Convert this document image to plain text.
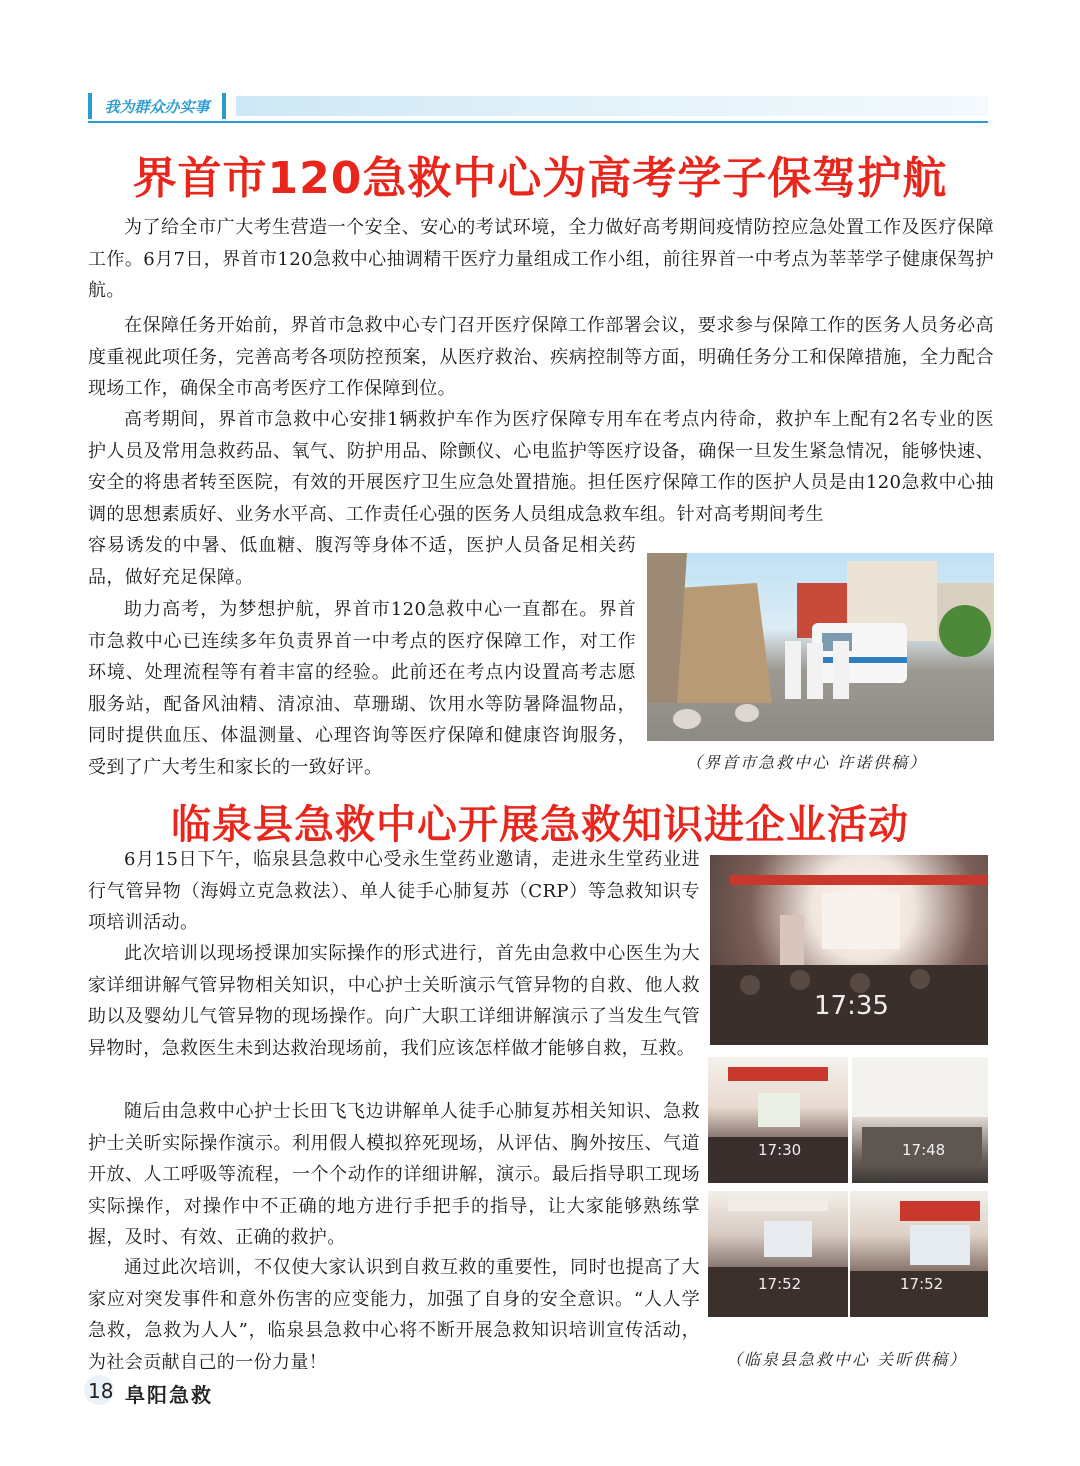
我为群众办实事
界首市120急救中心为高考学子保驾护航

为了给全市广大考生营造一个安全、安心的考试环境，全力做好高考期间疫情防控应急处置工作及医疗保障工作。6月7日，界首市120急救中心抽调精干医疗力量组成工作小组，前往界首一中考点为莘莘学子健康保驾护航。

在保障任务开始前，界首市急救中心专门召开医疗保障工作部署会议，要求参与保障工作的医务人员务必高度重视此项任务，完善高考各项防控预案，从医疗救治、疾病控制等方面，明确任务分工和保障措施，全力配合现场工作，确保全市高考医疗工作保障到位。

高考期间，界首市急救中心安排1辆救护车作为医疗保障专用车在考点内待命，救护车上配有2名专业的医护人员及常用急救药品、氧气、防护用品、除颤仪、心电监护等医疗设备，确保一旦发生紧急情况，能够快速、安全的将患者转至医院，有效的开展医疗卫生应急处置措施。担任医疗保障工作的医护人员是由120急救中心抽调的思想素质好、业务水平高、工作责任心强的医务人员组成急救车组。针对高考期间考生

容易诱发的中暑、低血糖、腹泻等身体不适，医护人员备足相关药品，做好充足保障。

助力高考，为梦想护航，界首市120急救中心一直都在。界首市急救中心已连续多年负责界首一中考点的医疗保障工作，对工作环境、处理流程等有着丰富的经验。此前还在考点内设置高考志愿服务站，配备风油精、清凉油、草珊瑚、饮用水等防暑降温物品，同时提供血压、体温测量、心理咨询等医疗保障和健康咨询服务，受到了广大考生和家长的一致好评。	（界首市急救中心 许诺供稿）
临泉县急救中心开展急救知识进企业活动

6月15日下午，临泉县急救中心受永生堂药业邀请，走进永生堂药业进行气管异物（海姆立克急救法）、单人徒手心肺复苏（CRP）等急救知识专项培训活动。

此次培训以现场授课加实际操作的形式进行，首先由急救中心医生为大家详细讲解气管异物相关知识，中心护士关昕演示气管异物的自救、他人救助以及婴幼儿气管异物的现场操作。向广大职工详细讲解演示了当发生气管异物时，急救医生未到达救治现场前，我们应该怎样做才能够自救，互救。

随后由急救中心护士长田飞飞边讲解单人徒手心肺复苏相关知识、急救护士关昕实际操作演示。利用假人模拟猝死现场，从评估、胸外按压、气道开放、人工呼吸等流程，一个个动作的详细讲解，演示。最后指导职工现场实际操作，对操作中不正确的地方进行手把手的指导，让大家能够熟练掌握，及时、有效、正确的救护。

通过此次培训，不仅使大家认识到自救互救的重要性，同时也提高了大家应对突发事件和意外伤害的应变能力，加强了自身的安全意识。“人人学急救，急救为人人”，临泉县急救中心将不断开展急救知识培训宣传活动，为社会贡献自己的一份力量！

17:35
17:30	17:48
17:52	17:52
（临泉县急救中心 关昕供稿）
18 阜阳急救
